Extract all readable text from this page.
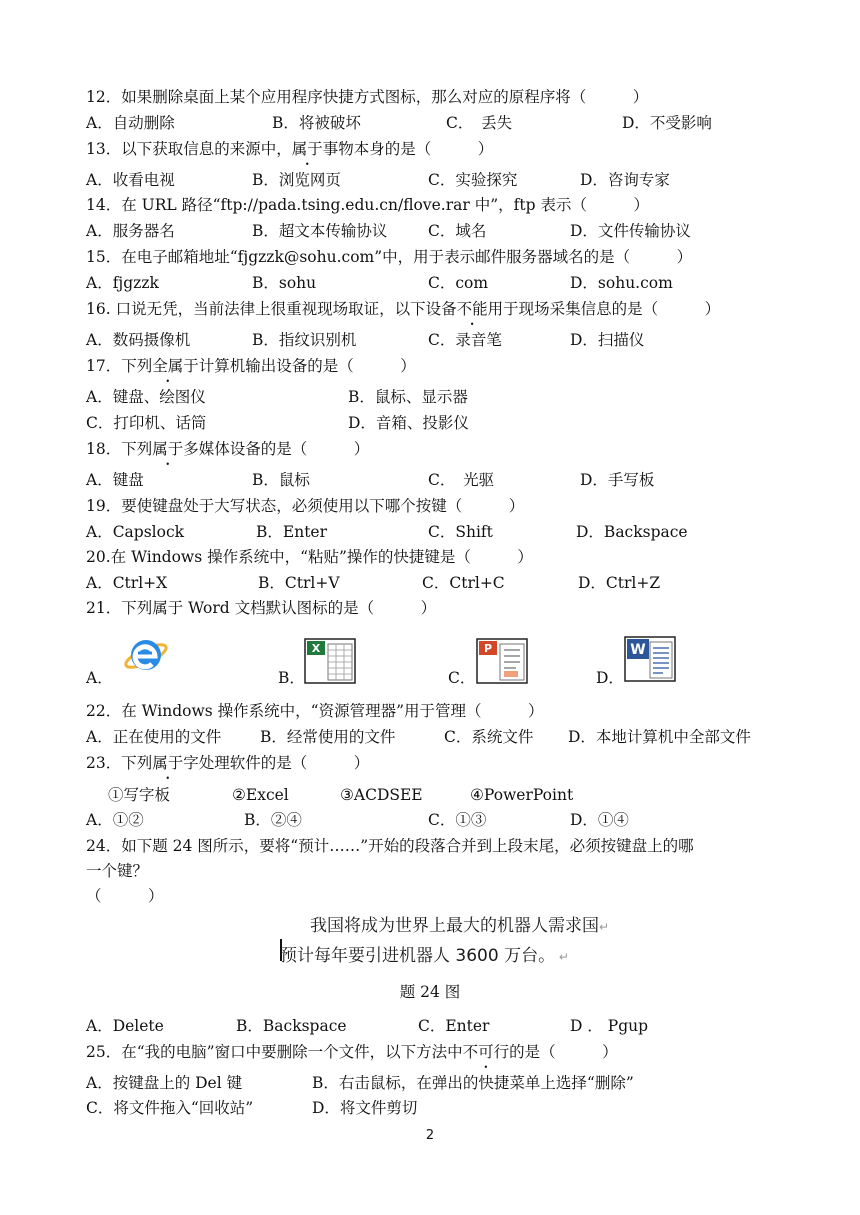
12．如果删除桌面上某个应用程序快捷方式图标，那么对应的原程序将（　　　）
A．自动删除	B．将被破坏	C．　丢失	D．不受影响
13．以下获取信息的来源中，属于事物本身的是（　　　）
A．收看电视	B．浏览网页	C．实验探究	D．咨询专家
14．在 URL 路径“ftp://pada.tsing.edu.cn/flove.rar 中”，ftp 表示（　　　）
A．服务器名	B．超文本传输协议	C．域名	D．文件传输协议
15．在电子邮箱地址“fjgzzk@sohu.com”中，用于表示邮件服务器域名的是（　　　）
A．fjgzzk	B．sohu	C．com	D．sohu.com
16. 口说无凭，当前法律上很重视现场取证，以下设备不能用于现场采集信息的是（　　　）
A．数码摄像机	B．指纹识别机	C．录音笔	D．扫描仪
17．下列全属于计算机输出设备的是（　　　）
A．键盘、绘图仪	B．鼠标、显示器
C．打印机、话筒	D．音箱、投影仪
18．下列属于多媒体设备的是（　　　）
A．键盘	B．鼠标	C．　光驱	D．手写板
19．要使键盘处于大写状态，必须使用以下哪个按键（　　　）
A．Capslock	B．Enter	C．Shift	D．Backspace
20.在 Windows 操作系统中，“粘贴”操作的快捷键是（　　　）
A．Ctrl+X	B．Ctrl+V	C．Ctrl+C	D．Ctrl+Z
21．下列属于 Word 文档默认图标的是（　　　）
A．	B．	C．	D．
X	P	W
22．在 Windows 操作系统中，“资源管理器”用于管理（　　　）
A．正在使用的文件	B．经常使用的文件	C．系统文件 D．本地计算机中全部文件
23．下列属于字处理软件的是（　　　）
①写字板	②Excel	③ACDSEE	④PowerPoint
A．①②	B．②④	C．①③	D．①④
24．如下题 24 图所示，要将“预计……”开始的段落合并到上段末尾，必须按键盘上的哪
一个键？
（　　　）
我国将成为世界上最大的机器人需求国↵
预计每年要引进机器人 3600 万台。 ↵
题 24 图
A．Delete	B．Backspace	C．Enter	D ． Pgup
25．在“我的电脑”窗口中要删除一个文件，以下方法中不可行的是（　　　）
A．按键盘上的 Del 键	B．右击鼠标，在弹出的快捷菜单上选择“删除”
C．将文件拖入“回收站”	D．将文件剪切
2
